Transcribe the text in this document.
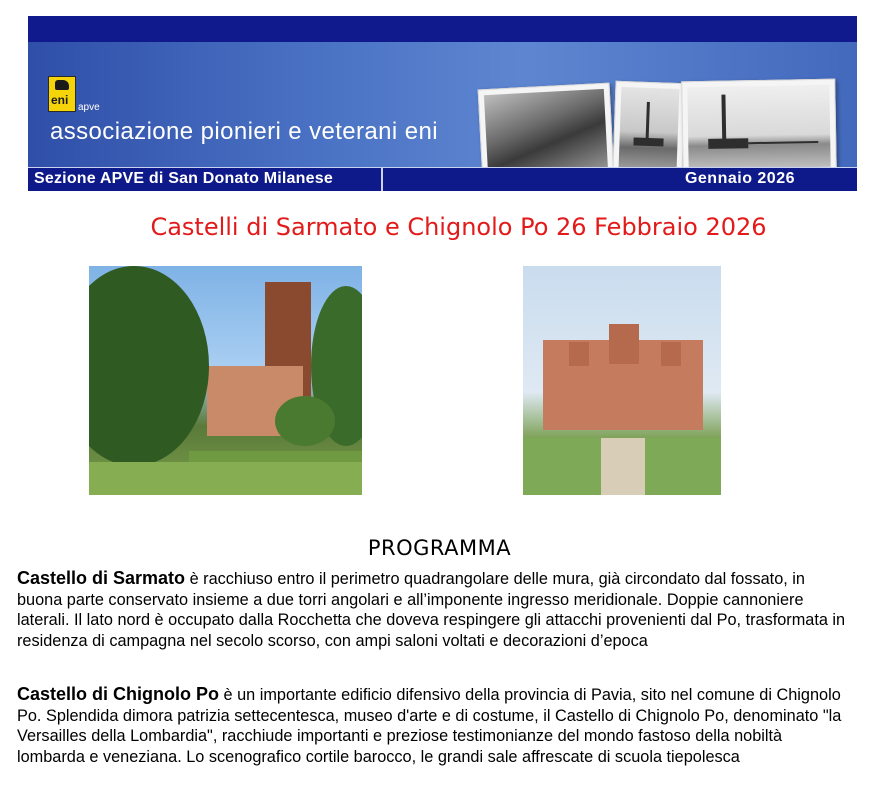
eni
apve
associazione pionieri e veterani eni
Sezione APVE di San Donato Milanese	Gennaio 2026
Castelli di Sarmato e Chignolo Po 26 Febbraio 2026
PROGRAMMA
Castello di Sarmato è racchiuso entro il perimetro quadrangolare delle mura, già circondato dal fossato, in buona parte conservato insieme a due torri angolari e all’imponente ingresso meridionale. Doppie cannoniere laterali. Il lato nord è occupato dalla Rocchetta che doveva respingere gli attacchi provenienti dal Po, trasformata in residenza di campagna nel secolo scorso, con ampi saloni voltati e decorazioni d’epoca
Castello di Chignolo Po è un importante edificio difensivo della provincia di Pavia, sito nel comune di Chignolo Po. Splendida dimora patrizia settecentesca, museo d'arte e di costume, il Castello di Chignolo Po, denominato "la Versailles della Lombardia", racchiude importanti e preziose testimonianze del mondo fastoso della nobiltà lombarda e veneziana. Lo scenografico cortile barocco, le grandi sale affrescate di scuola tiepolesca
